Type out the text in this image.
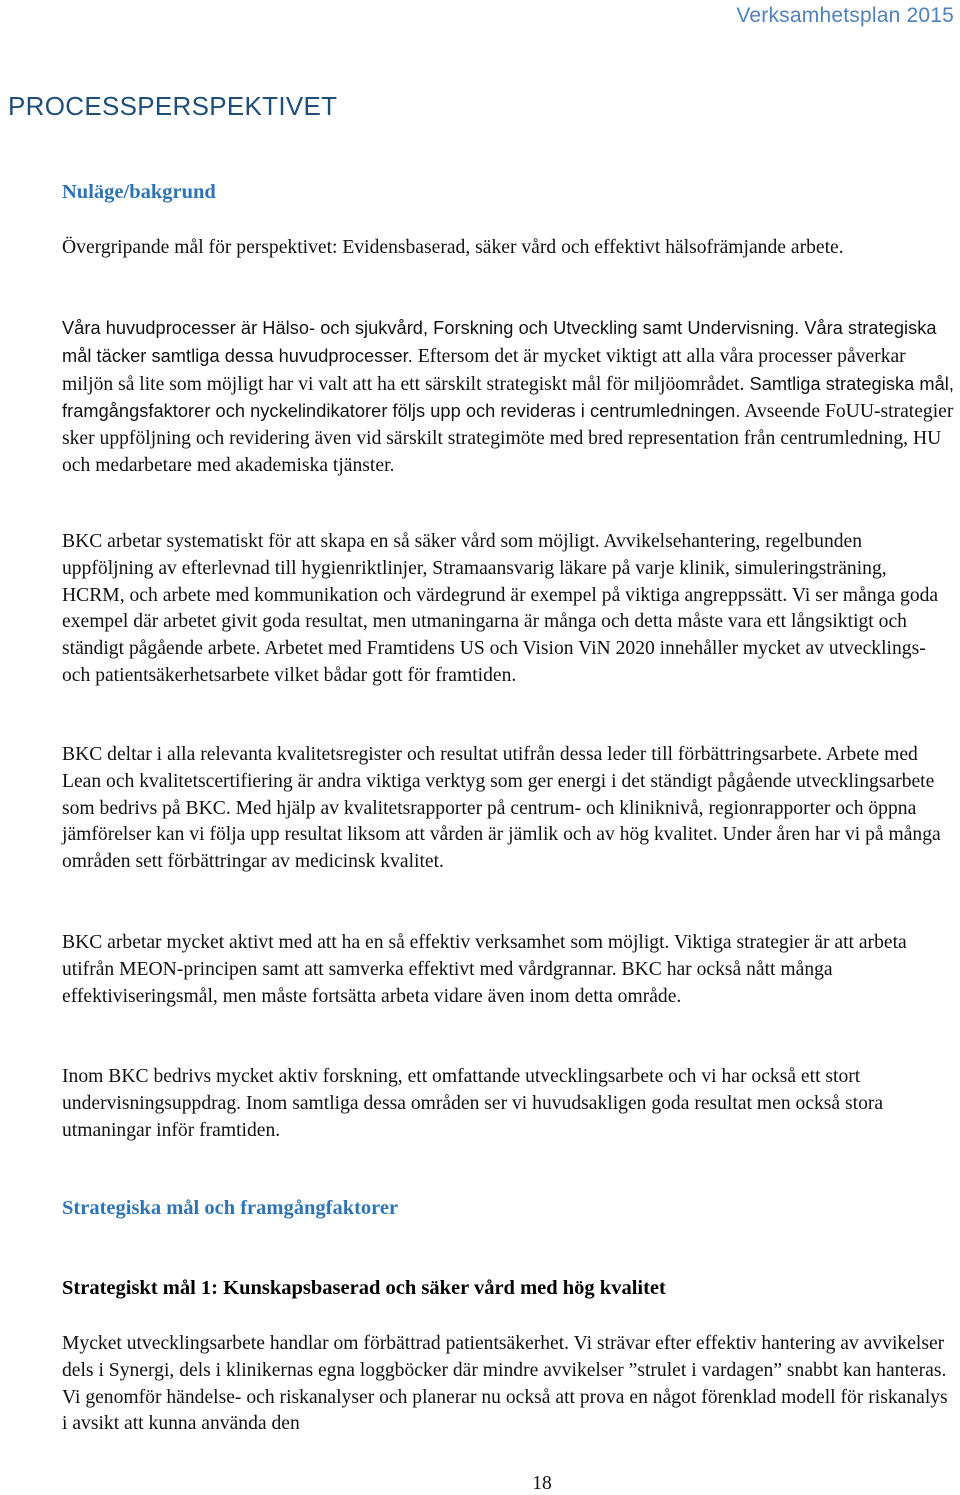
Verksamhetsplan 2015
PROCESSPERSPEKTIVET
Nuläge/bakgrund

Övergripande mål för perspektivet: Evidensbaserad, säker vård och effektivt hälsofrämjande arbete.

Våra huvudprocesser är Hälso- och sjukvård, Forskning och Utveckling samt Undervisning. Våra strategiska mål täcker samtliga dessa huvudprocesser. Eftersom det är mycket viktigt att alla våra processer påverkar miljön så lite som möjligt har vi valt att ha ett särskilt strategiskt mål för miljöområdet. Samtliga strategiska mål, framgångsfaktorer och nyckelindikatorer följs upp och revideras i centrumledningen. Avseende FoUU-strategier sker uppföljning och revidering även vid särskilt strategimöte med bred representation från centrumledning, HU och medarbetare med akademiska tjänster.

BKC arbetar systematiskt för att skapa en så säker vård som möjligt. Avvikelsehantering, regelbunden uppföljning av efterlevnad till hygienriktlinjer, Stramaansvarig läkare på varje klinik, simuleringsträning, HCRM, och arbete med kommunikation och värdegrund är exempel på viktiga angreppssätt. Vi ser många goda exempel där arbetet givit goda resultat, men utmaningarna är många och detta måste vara ett långsiktigt och ständigt pågående arbete. Arbetet med Framtidens US och Vision ViN 2020 innehåller mycket av utvecklings- och patientsäkerhetsarbete vilket bådar gott för framtiden.

BKC deltar i alla relevanta kvalitetsregister och resultat utifrån dessa leder till förbättringsarbete. Arbete med Lean och kvalitetscertifiering är andra viktiga verktyg som ger energi i det ständigt pågående utvecklingsarbete som bedrivs på BKC. Med hjälp av kvalitetsrapporter på centrum- och kliniknivå, regionrapporter och öppna jämförelser kan vi följa upp resultat liksom att vården är jämlik och av hög kvalitet. Under åren har vi på många områden sett förbättringar av medicinsk kvalitet.

BKC arbetar mycket aktivt med att ha en så effektiv verksamhet som möjligt. Viktiga strategier är att arbeta utifrån MEON-principen samt att samverka effektivt med vårdgrannar. BKC har också nått många effektiviseringsmål, men måste fortsätta arbeta vidare även inom detta område.

Inom BKC bedrivs mycket aktiv forskning, ett omfattande utvecklingsarbete och vi har också ett stort undervisningsuppdrag. Inom samtliga dessa områden ser vi huvudsakligen goda resultat men också stora utmaningar inför framtiden.

Strategiska mål och framgångfaktorer
Strategiskt mål 1: Kunskapsbaserad och säker vård med hög kvalitet

Mycket utvecklingsarbete handlar om förbättrad patientsäkerhet. Vi strävar efter effektiv hantering av avvikelser dels i Synergi, dels i klinikernas egna loggböcker där mindre avvikelser ”strulet i vardagen” snabbt kan hanteras. Vi genomför händelse- och riskanalyser och planerar nu också att prova en något förenklad modell för riskanalys i avsikt att kunna använda den

18
